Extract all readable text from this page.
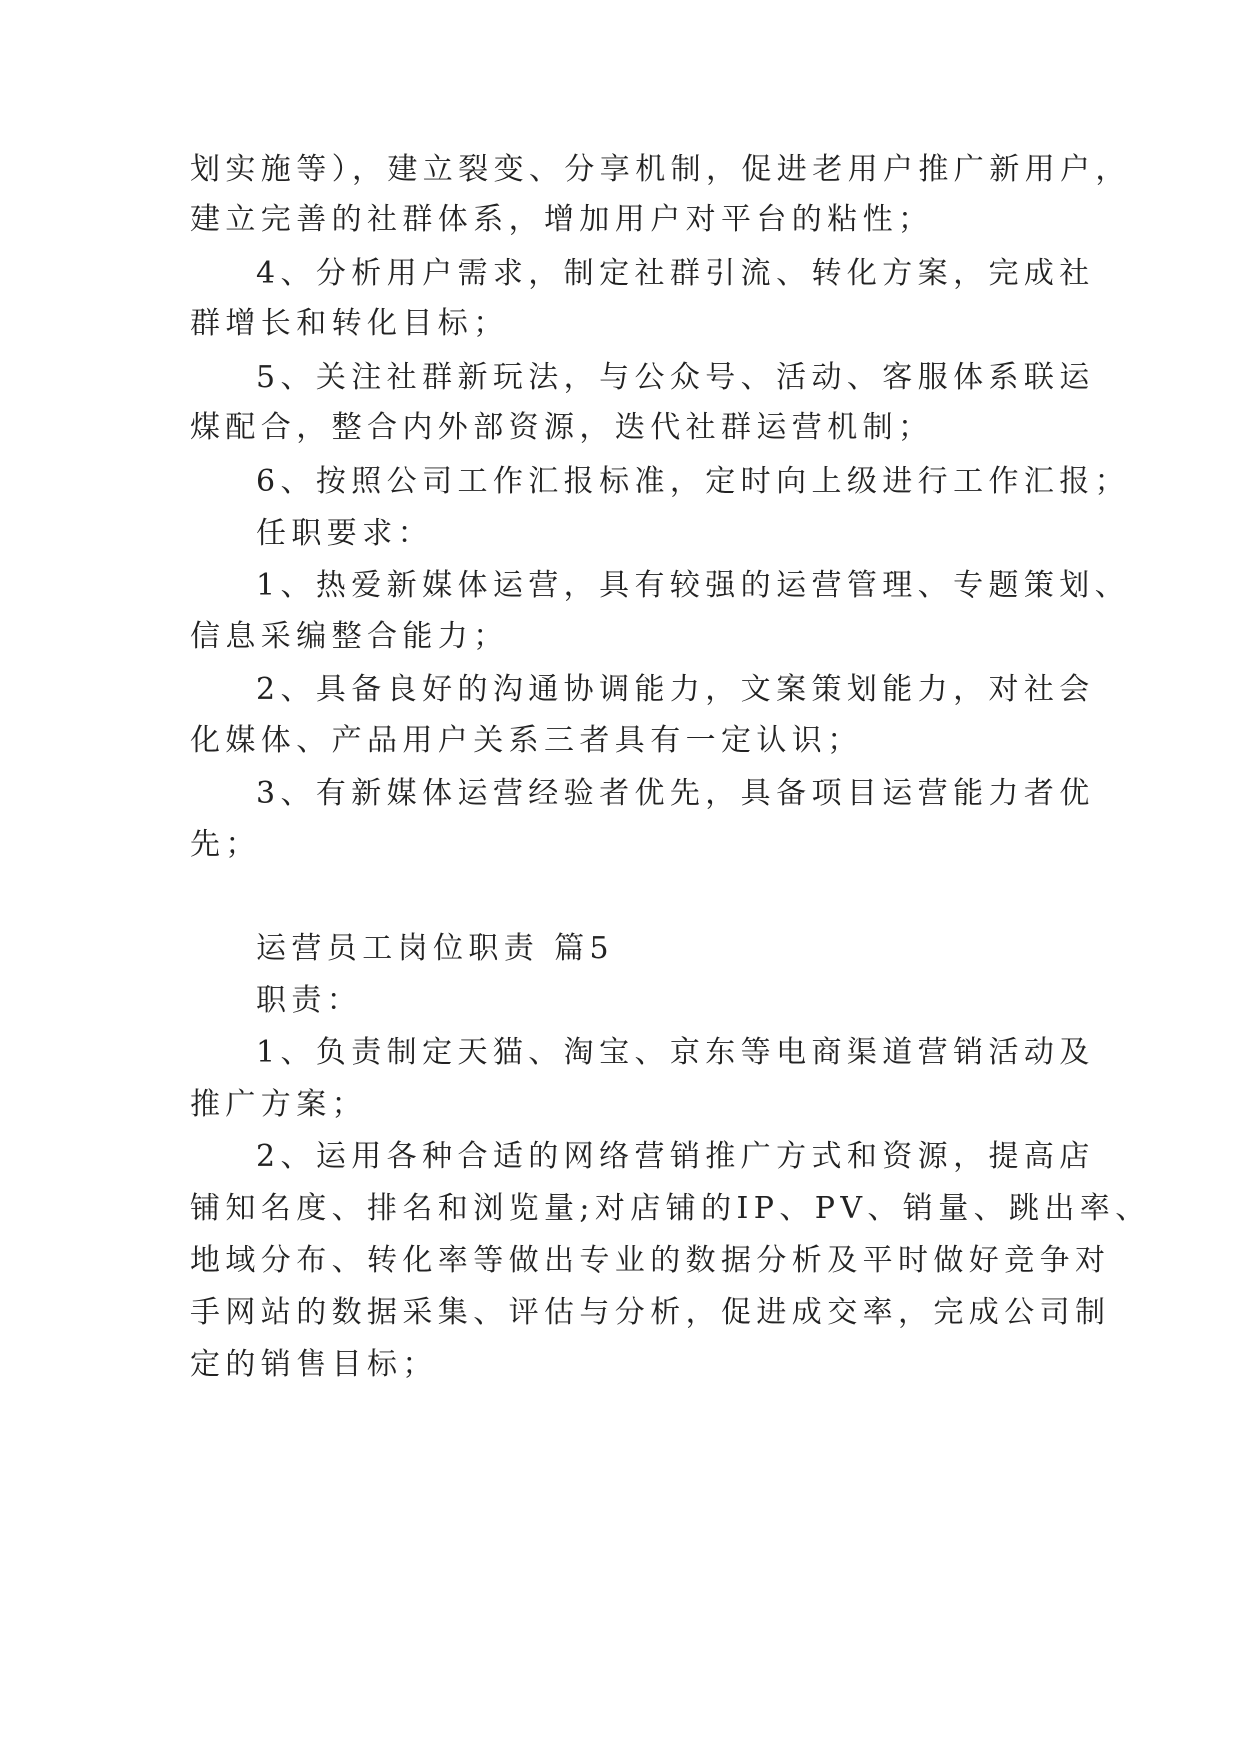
划实施等），建立裂变、分享机制，促进老用户推广新用户，
建立完善的社群体系，增加用户对平台的粘性；
4、分析用户需求，制定社群引流、转化方案，完成社
群增长和转化目标；
5、关注社群新玩法，与公众号、活动、客服体系联运
煤配合，整合内外部资源，迭代社群运营机制；
6、按照公司工作汇报标准，定时向上级进行工作汇报；
任职要求：
1、热爱新媒体运营，具有较强的运营管理、专题策划、
信息采编整合能力；
2、具备良好的沟通协调能力，文案策划能力，对社会
化媒体、产品用户关系三者具有一定认识；
3、有新媒体运营经验者优先，具备项目运营能力者优
先；
运营员工岗位职责 篇5
职责：
1、负责制定天猫、淘宝、京东等电商渠道营销活动及
推广方案；
2、运用各种合适的网络营销推广方式和资源，提高店
铺知名度、排名和浏览量;对店铺的IP、PV、销量、跳出率、
地域分布、转化率等做出专业的数据分析及平时做好竞争对
手网站的数据采集、评估与分析，促进成交率，完成公司制
定的销售目标；
